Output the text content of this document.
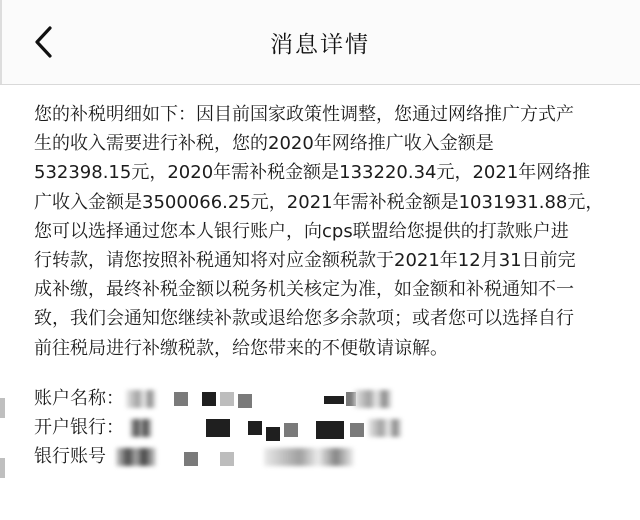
消息详情
您的补税明细如下：因目前国家政策性调整，您通过网络推广方式产
生的收入需要进行补税，您的2020年网络推广收入金额是
532398.15元，2020年需补税金额是133220.34元，2021年网络推
广收入金额是3500066.25元，2021年需补税金额是1031931.88元，
您可以选择通过您本人银行账户，向cps联盟给您提供的打款账户进
行转款，请您按照补税通知将对应金额税款于2021年12月31日前完
成补缴，最终补税金额以税务机关核定为准，如金额和补税通知不一
致，我们会通知您继续补款或退给您多余款项；或者您可以选择自行
前往税局进行补缴税款，给您带来的不便敬请谅解。
账户名称：
开户银行：
银行账号
